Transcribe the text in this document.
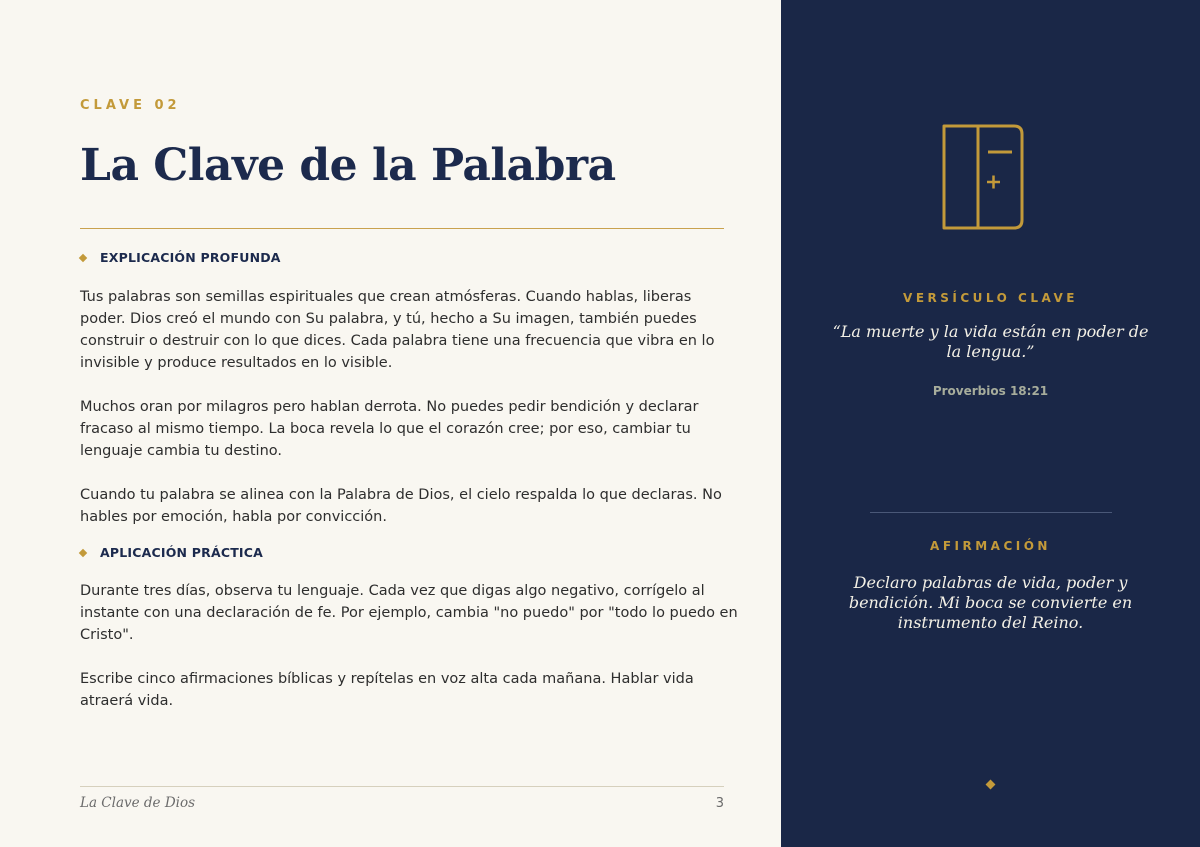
CLAVE 02
La Clave de la Palabra
EXPLICACIÓN PROFUNDA

Tus palabras son semillas espirituales que crean atmósferas. Cuando hablas, liberas poder. Dios creó el mundo con Su palabra, y tú, hecho a Su imagen, también puedes construir o destruir con lo que dices. Cada palabra tiene una frecuencia que vibra en lo invisible y produce resultados en lo visible.

Muchos oran por milagros pero hablan derrota. No puedes pedir bendición y declarar fracaso al mismo tiempo. La boca revela lo que el corazón cree; por eso, cambiar tu lenguaje cambia tu destino.

Cuando tu palabra se alinea con la Palabra de Dios, el cielo respalda lo que declaras. No hables por emoción, habla por convicción.

APLICACIÓN PRÁCTICA

Durante tres días, observa tu lenguaje. Cada vez que digas algo negativo, corrígelo al instante con una declaración de fe. Por ejemplo, cambia "no puedo" por "todo lo puedo en Cristo".

Escribe cinco afirmaciones bíblicas y repítelas en voz alta cada mañana. Hablar vida atraerá vida.

La Clave de Dios	3
VERSÍCULO CLAVE
“La muerte y la vida están en poder de la lengua.”
Proverbios 18:21
AFIRMACIÓN
Declaro palabras de vida, poder y bendición. Mi boca se convierte en instrumento del Reino.
